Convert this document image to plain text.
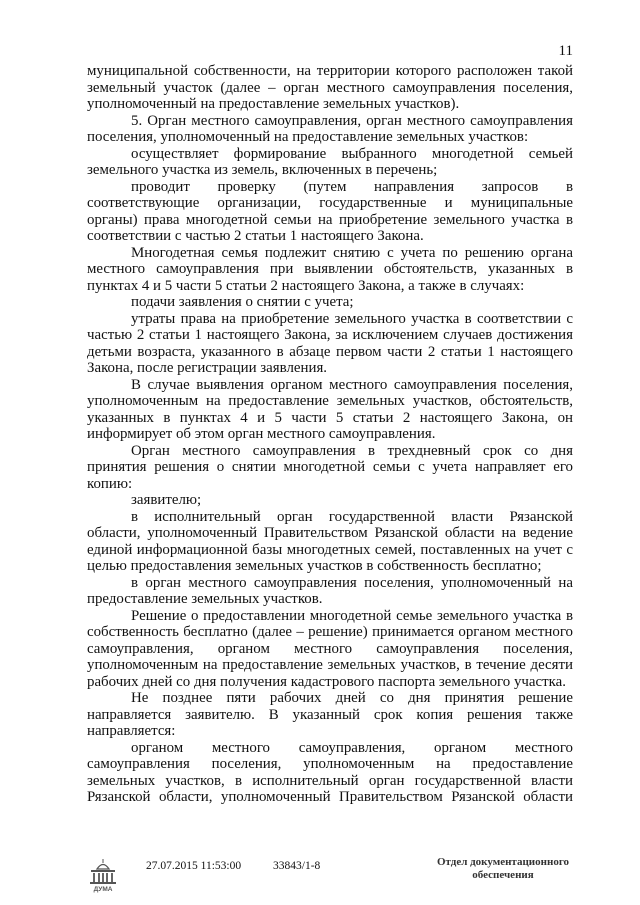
11

муниципальной собственности, на территории которого расположен такой

земельный участок (далее – орган местного самоуправления поселения,

уполномоченный на предоставление земельных участков).

5. Орган местного самоуправления, орган местного самоуправления

поселения, уполномоченный на предоставление земельных участков:

осуществляет формирование выбранного многодетной семьей

земельного участка из земель, включенных в перечень;

проводит проверку (путем направления запросов в

соответствующие организации, государственные и муниципальные

органы) права многодетной семьи на приобретение земельного участка в

соответствии с частью 2 статьи 1 настоящего Закона.

Многодетная семья подлежит снятию с учета по решению органа

местного самоуправления при выявлении обстоятельств, указанных в

пунктах 4 и 5 части 5 статьи 2 настоящего Закона, а также в случаях:

подачи заявления о снятии с учета;

утраты права на приобретение земельного участка в соответствии с

частью 2 статьи 1 настоящего Закона, за исключением случаев достижения

детьми возраста, указанного в абзаце первом части 2 статьи 1 настоящего

Закона, после регистрации заявления.

В случае выявления органом местного самоуправления поселения,

уполномоченным на предоставление земельных участков, обстоятельств,

указанных в пунктах 4 и 5 части 5 статьи 2 настоящего Закона, он

информирует об этом орган местного самоуправления.

Орган местного самоуправления в трехдневный срок со дня

принятия решения о снятии многодетной семьи с учета направляет его

копию:

заявителю;

в исполнительный орган государственной власти Рязанской

области, уполномоченный Правительством Рязанской области на ведение

единой информационной базы многодетных семей, поставленных на учет с

целью предоставления земельных участков в собственность бесплатно;

в орган местного самоуправления поселения, уполномоченный на

предоставление земельных участков.

Решение о предоставлении многодетной семье земельного участка в

собственность бесплатно (далее – решение) принимается органом местного

самоуправления, органом местного самоуправления поселения,

уполномоченным на предоставление земельных участков, в течение десяти

рабочих дней со дня получения кадастрового паспорта земельного участка.

Не позднее пяти рабочих дней со дня принятия решение

направляется заявителю. В указанный срок копия решения также

направляется:

органом местного самоуправления, органом местного

самоуправления поселения, уполномоченным на предоставление

земельных участков, в исполнительный орган государственной власти

Рязанской области, уполномоченный Правительством Рязанской области

ДУМА
27.07.2015 11:53:00	33843/1-8	Отдел документационного обеспечения
